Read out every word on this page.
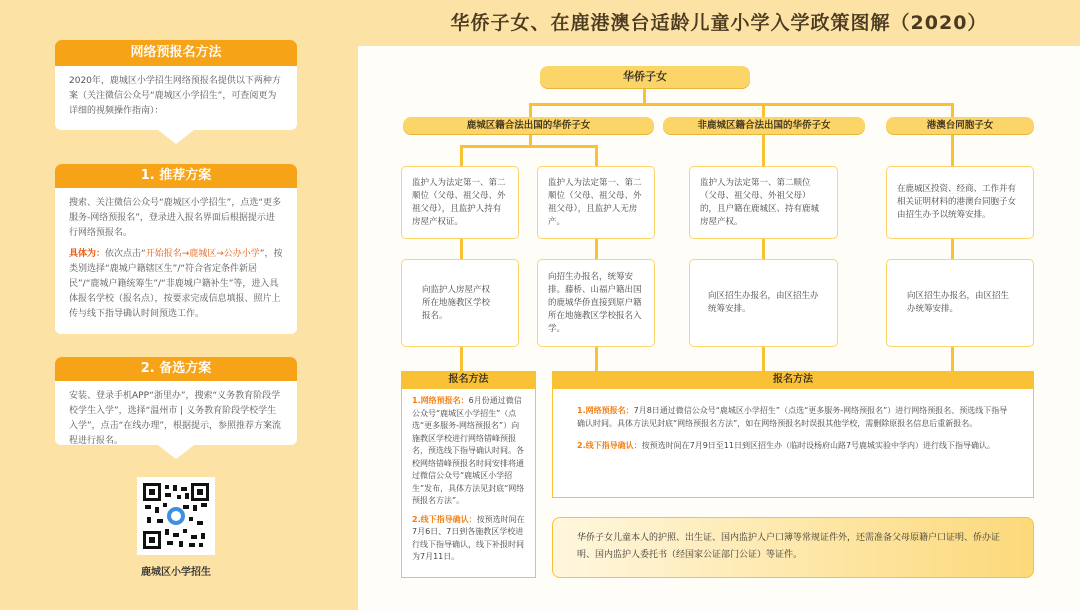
华侨子女、在鹿港澳台适龄儿童小学入学政策图解（2020）
网络预报名方法
2020年，鹿城区小学招生网络预报名提供以下两种方案（关注微信公众号“鹿城区小学招生”，可查阅更为详细的视频操作指南）：
1. 推荐方案
搜索、关注微信公众号“鹿城区小学招生”，点选“更多服务-网络预报名”，登录进入报名界面后根据提示进行网络预报名。
具体为：依次点击“开始报名→鹿城区→公办小学”，按类别选择“鹿城户籍辖区生”/“符合省定条件新居民”/“鹿城户籍统筹生”/“非鹿城户籍补生”等，进入具体报名学校（报名点），按要求完成信息填报、照片上传与线下指导确认时间预选工作。
2. 备选方案
安装、登录手机APP“浙里办”，搜索“义务教育阶段学校学生入学”，选择“温州市 | 义务教育阶段学校学生入学”，点击“在线办理”，根据提示，参照推荐方案流程进行报名。
鹿城区小学招生
华侨子女
鹿城区籍合法出国的华侨子女	非鹿城区籍合法出国的华侨子女	港澳台同胞子女
监护人为法定第一、第二顺位（父母、祖父母、外祖父母），且监护人持有房屋产权证。
监护人为法定第一、第二顺位（父母、祖父母、外祖父母），且监护人无房产。
监护人为法定第一、第二顺位（父母、祖父母、外祖父母）的，且户籍在鹿城区、持有鹿城房屋产权。
在鹿城区投资、经商、工作并有相关证明材料的港澳台同胞子女由招生办予以统筹安排。
向监护人房屋产权所在地施教区学校报名。
向招生办报名，统筹安排。藤桥、山福户籍出国的鹿城华侨直接到原户籍所在地施教区学校报名入学。
向区招生办报名，由区招生办统筹安排。
向区招生办报名，由区招生办统筹安排。
报名方法
1.网络预报名：6月份通过微信公众号“鹿城区小学招生”（点选“更多服务-网络预报名”）向施教区学校进行网络错峰预报名，预选线下指导确认时间。各校网络错峰预报名时间安排将通过微信公众号“鹿城区小学招生”发布，具体方法见封底“网络预报名方法”。
2.线下指导确认：按预选时间在7月6日、7日到各施教区学校进行线下指导确认，线下补报时间为7月11日。
报名方法
1.网络预报名：7月8日通过微信公众号“鹿城区小学招生”（点选“更多服务-网络预报名”）进行网络预报名、预选线下指导确认时间。具体方法见封底“网络预报名方法”，如在网络预报名时误报其他学校，需删除原报名信息后重新报名。
2.线下指导确认：按预选时间在7月9日至11日到区招生办（临时设杨府山路7号鹿城实验中学内）进行线下指导确认。
华侨子女儿童本人的护照、出生证、国内监护人户口簿等常规证件外，还需准备父母原籍户口证明、侨办证明、国内监护人委托书（经国家公证部门公证）等证件。
